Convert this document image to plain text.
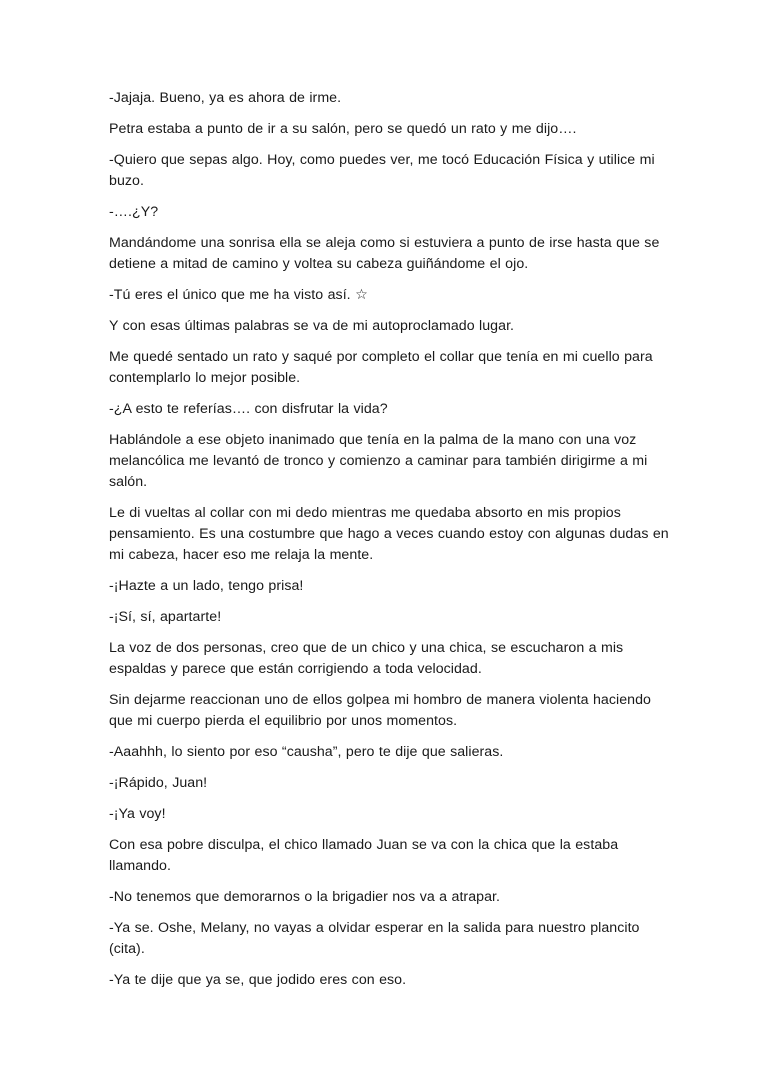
-Jajaja. Bueno, ya es ahora de irme.

Petra estaba a punto de ir a su salón, pero se quedó un rato y me dijo….

-Quiero que sepas algo. Hoy, como puedes ver, me tocó Educación Física y utilice mi buzo.

-….¿Y?

Mandándome una sonrisa ella se aleja como si estuviera a punto de irse hasta que se detiene a mitad de camino y voltea su cabeza guiñándome el ojo.

-Tú eres el único que me ha visto así. ☆

Y con esas últimas palabras se va de mi autoproclamado lugar.

Me quedé sentado un rato y saqué por completo el collar que tenía en mi cuello para contemplarlo lo mejor posible.

-¿A esto te referías…. con disfrutar la vida?

Hablándole a ese objeto inanimado que tenía en la palma de la mano con una voz melancólica me levantó de tronco y comienzo a caminar para también dirigirme a mi salón.

Le di vueltas al collar con mi dedo mientras me quedaba absorto en mis propios pensamiento. Es una costumbre que hago a veces cuando estoy con algunas dudas en mi cabeza, hacer eso me relaja la mente.

-¡Hazte a un lado, tengo prisa!

-¡Sí, sí, apartarte!

La voz de dos personas, creo que de un chico y una chica, se escucharon a mis espaldas y parece que están corrigiendo a toda velocidad.

Sin dejarme reaccionan uno de ellos golpea mi hombro de manera violenta haciendo que mi cuerpo pierda el equilibrio por unos momentos.

-Aaahhh, lo siento por eso “causha”, pero te dije que salieras.

-¡Rápido, Juan!

-¡Ya voy!

Con esa pobre disculpa, el chico llamado Juan se va con la chica que la estaba llamando.

-No tenemos que demorarnos o la brigadier nos va a atrapar.

-Ya se. Oshe, Melany, no vayas a olvidar esperar en la salida para nuestro plancito (cita).

-Ya te dije que ya se, que jodido eres con eso.
